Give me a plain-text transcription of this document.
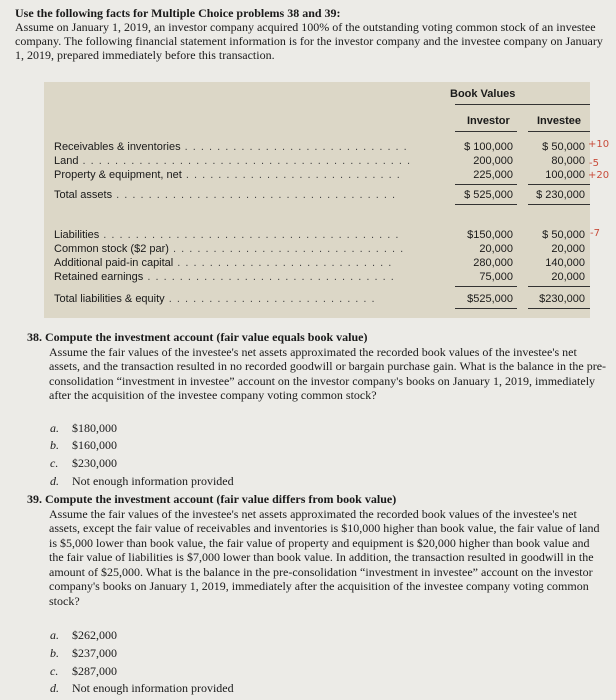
Use the following facts for Multiple Choice problems 38 and 39:
Assume on January 1, 2019, an investor company acquired 100% of the outstanding voting common stock of an investee company. The following financial statement information is for the investor company and the investee company on January 1, 2019, prepared immediately before this transaction.
Book Values
Investor Investee
Receivables & inventories . . . . . . . . . . . . . . . . . . . . . . . . . . . .	$ 100,000	$ 50,000
Land . . . . . . . . . . . . . . . . . . . . . . . . . . . . . . . . . . . . . . . . .	200,000	80,000
Property & equipment, net . . . . . . . . . . . . . . . . . . . . . . . . . . .	225,000	100,000
Total assets . . . . . . . . . . . . . . . . . . . . . . . . . . . . . . . . . . .	$ 525,000	$ 230,000
Liabilities . . . . . . . . . . . . . . . . . . . . . . . . . . . . . . . . . . . . .	$150,000	$ 50,000
Common stock ($2 par) . . . . . . . . . . . . . . . . . . . . . . . . . . . . .	20,000	20,000
Additional paid-in capital . . . . . . . . . . . . . . . . . . . . . . . . . . .	280,000	140,000
Retained earnings . . . . . . . . . . . . . . . . . . . . . . . . . . . . . . .	75,000	20,000
Total liabilities & equity . . . . . . . . . . . . . . . . . . . . . . . . . .	$525,000	$230,000
+10
-5
+20
-7
38. Compute the investment account (fair value equals book value)
Assume the fair values of the investee's net assets approximated the recorded book values of the investee's net assets, and the transaction resulted in no recorded goodwill or bargain purchase gain. What is the balance in the pre-consolidation “investment in investee” account on the investor company's books on January 1, 2019, immediately after the acquisition of the investee company voting common stock?
a. $180,000
b. $160,000
c. $230,000
d. Not enough information provided
39. Compute the investment account (fair value differs from book value)
Assume the fair values of the investee's net assets approximated the recorded book values of the investee's net assets, except the fair value of receivables and inventories is $10,000 higher than book value, the fair value of land is $5,000 lower than book value, the fair value of property and equipment is $20,000 higher than book value and the fair value of liabilities is $7,000 lower than book value. In addition, the transaction resulted in goodwill in the amount of $25,000. What is the balance in the pre-consolidation “investment in investee” account on the investor company's books on January 1, 2019, immediately after the acquisition of the investee company voting common stock?
a. $262,000
b. $237,000
c. $287,000
d. Not enough information provided
